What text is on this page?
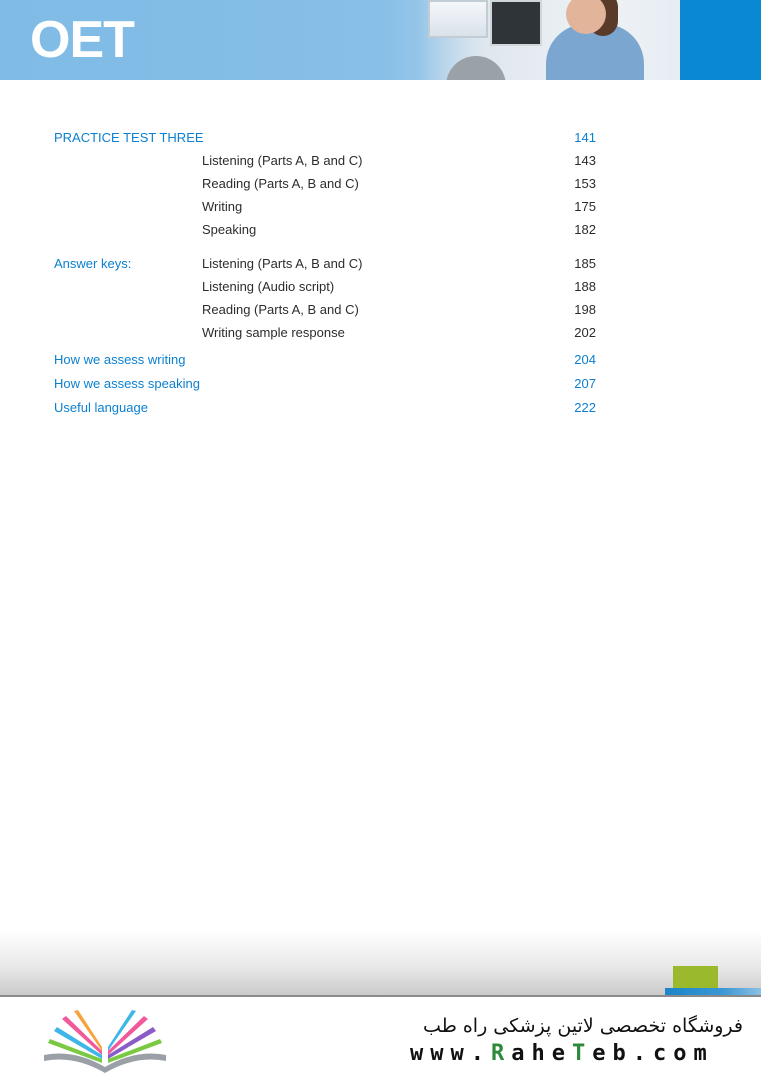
OET
PRACTICE TEST THREE	141
Listening (Parts A, B and C)	143
Reading (Parts A, B and C)	153
Writing	175
Speaking	182
Answer keys:	Listening (Parts A, B and C)	185
Listening (Audio script)	188
Reading (Parts A, B and C)	198
Writing sample response	202
How we assess writing	204
How we assess speaking	207
Useful language	222
فروشگاه تخصصی لاتین پزشکی راه طب
www.RaheTeb.com
